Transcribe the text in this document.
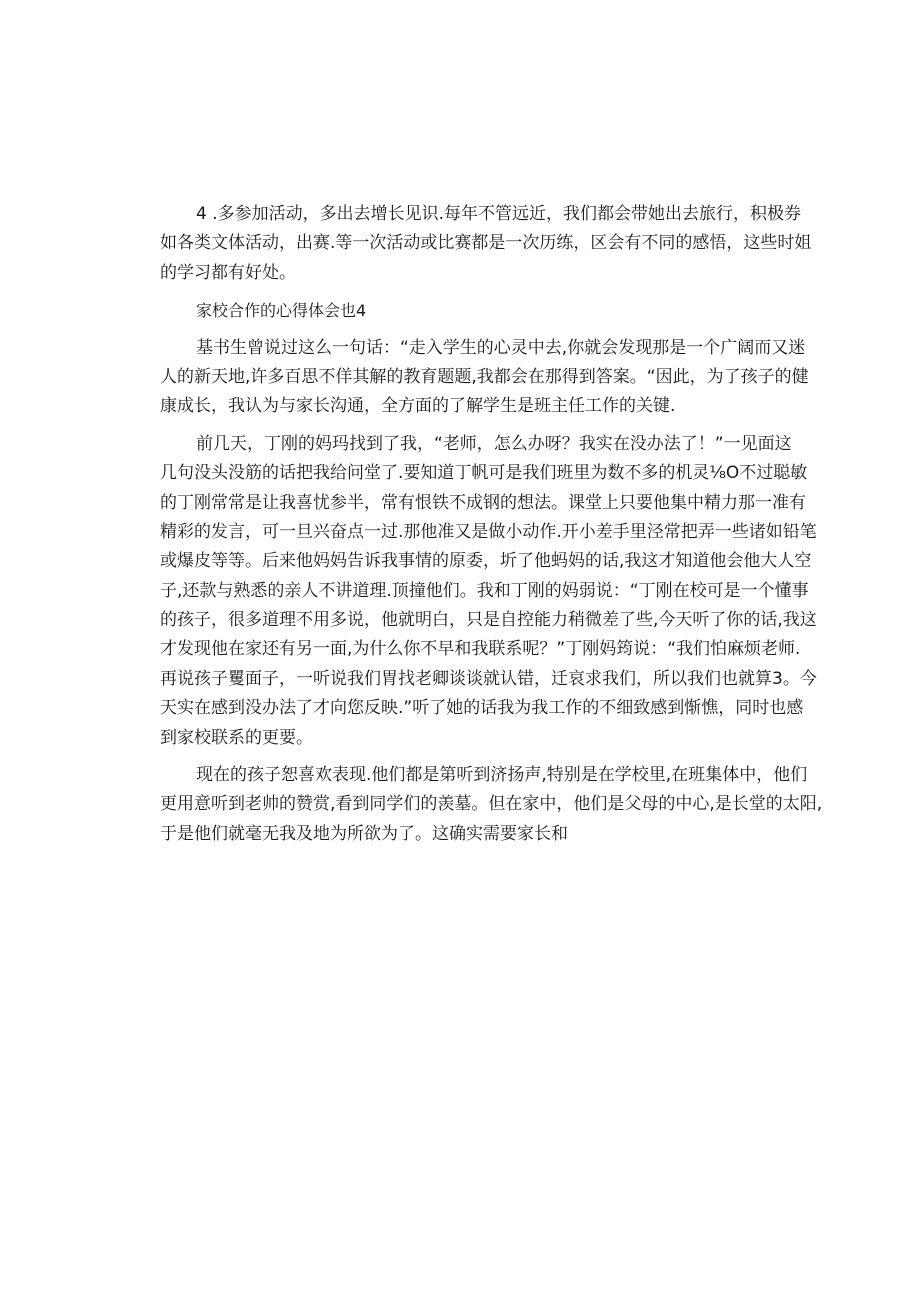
4 .多参加活动，多出去增长见识.每年不管远近，我们都会带她出去旅行，积极券
如各类文体活动，出赛.等一次活动或比赛都是一次历练，区会有不同的感悟，这些时姐
的学习都有好处。
家校合作的心得体会也4
基书生曾说过这么一句话：“走入学生的心灵中去,你就会发现那是一个广阔而又迷
人的新天地,许多百思不佯其解的教育题题,我都会在那得到答案。“因此，为了孩子的健
康成长，我认为与家长沟通，全方面的了解学生是班主任工作的关键.
前几天，丁刚的妈玛找到了我，“老师，怎么办呀？我实在没办法了！”一见面这
几句没头没筋的话把我给问堂了.要知道丁帆可是我们班里为数不多的机灵⅛O不过聪敏
的丁刚常常是让我喜忧参半，常有恨铁不成钢的想法。课堂上只要他集中精力那一准有
精彩的发言，可一旦兴奋点一过.那他准又是做小动作.开小差手里泾常把弄一些诸如铅笔
或爆皮等等。后来他妈妈告诉我事情的原委，圻了他蚂妈的话,我这才知道他会他大人空
子,还款与熟悉的亲人不讲道理.顶撞他们。我和丁刚的妈弱说：“丁刚在校可是一个懂事
的孩子，很多道理不用多说，他就明白，只是自控能力稍微差了些,今天听了你的话,我这
才发现他在家还有另一面,为什么你不早和我联系呢？”丁刚妈筠说：“我们怕麻烦老师.
再说孩子矍面子，一听说我们胃找老卿谈谈就认错，迁哀求我们，所以我们也就算3。今
天实在感到没办法了才向您反映.”听了她的话我为我工作的不细致感到惭憔，同时也感
到家校联系的更要。
现在的孩子恕喜欢表现.他们都是第听到济扬声,特别是在学校里,在班集体中，他们
更用意听到老帅的赞赏,看到同学们的羡墓。但在家中，他们是父母的中心,是长堂的太阳,
于是他们就毫无我及地为所欲为了。这确实需要家长和
